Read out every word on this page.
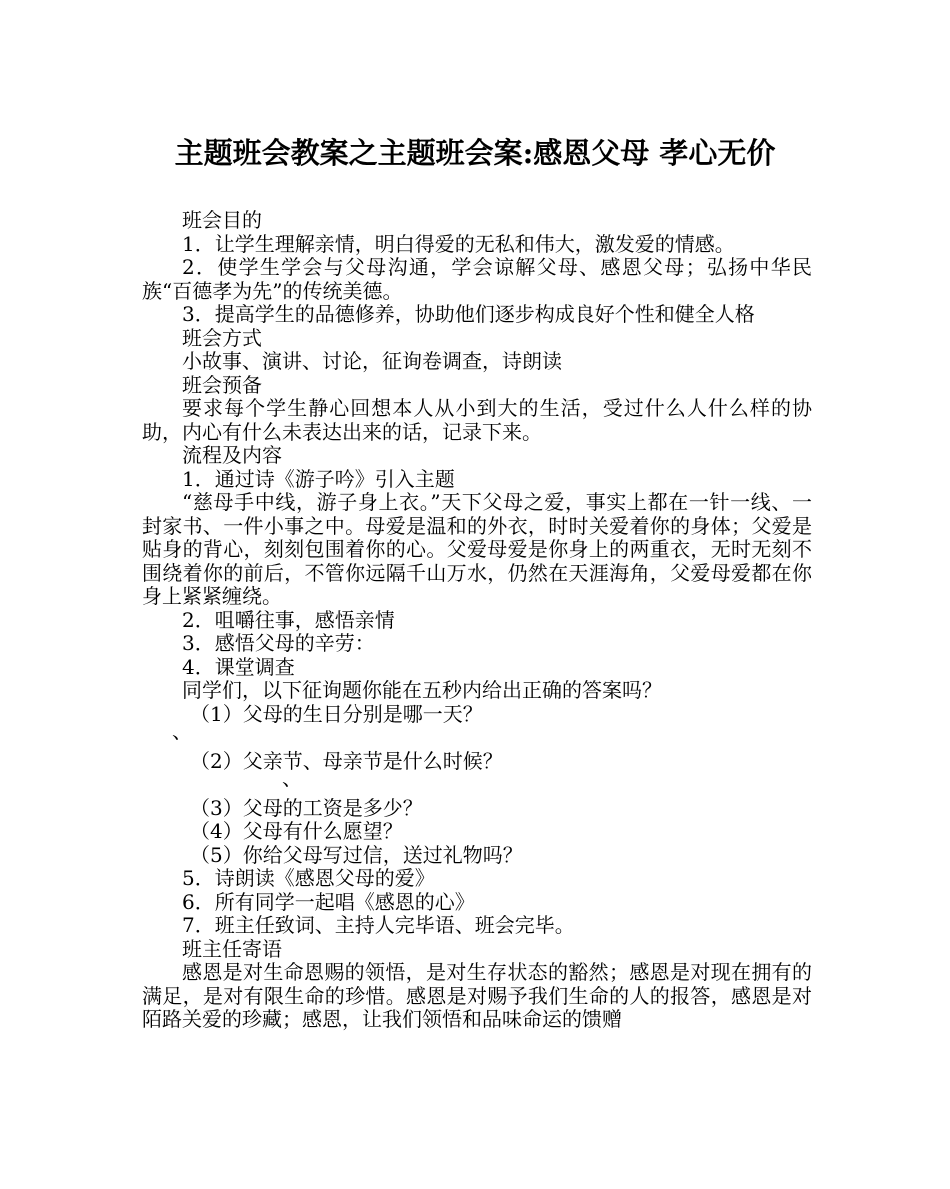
主题班会教案之主题班会案:感恩父母 孝心无价

班会目的

1．让学生理解亲情，明白得爱的无私和伟大，激发爱的情感。

2．使学生学会与父母沟通，学会谅解父母、感恩父母；弘扬中华民族“百德孝为先”的传统美德。

3．提高学生的品德修养，协助他们逐步构成良好个性和健全人格

班会方式

小故事、演讲、讨论，征询卷调查，诗朗读

班会预备

要求每个学生静心回想本人从小到大的生活，受过什么人什么样的协助，内心有什么未表达出来的话，记录下来。

流程及内容

1．通过诗《游子吟》引入主题

“慈母手中线，游子身上衣。”天下父母之爱，事实上都在一针一线、一封家书、一件小事之中。母爱是温和的外衣，时时关爱着你的身体；父爱是贴身的背心，刻刻包围着你的心。父爱母爱是你身上的两重衣，无时无刻不围绕着你的前后，不管你远隔千山万水，仍然在天涯海角，父爱母爱都在你身上紧紧缠绕。

2．咀嚼往事，感悟亲情

3．感悟父母的辛劳：

4．课堂调查

同学们，以下征询题你能在五秒内给出正确的答案吗？

（1）父母的生日分别是哪一天？

、

（2）父亲节、母亲节是什么时候？

、

（3）父母的工资是多少？

（4）父母有什么愿望？

（5）你给父母写过信，送过礼物吗？

5．诗朗读《感恩父母的爱》

6．所有同学一起唱《感恩的心》

7．班主任致词、主持人完毕语、班会完毕。

班主任寄语

感恩是对生命恩赐的领悟，是对生存状态的豁然；感恩是对现在拥有的满足，是对有限生命的珍惜。感恩是对赐予我们生命的人的报答，感恩是对陌路关爱的珍藏；感恩，让我们领悟和品味命运的馈赠
